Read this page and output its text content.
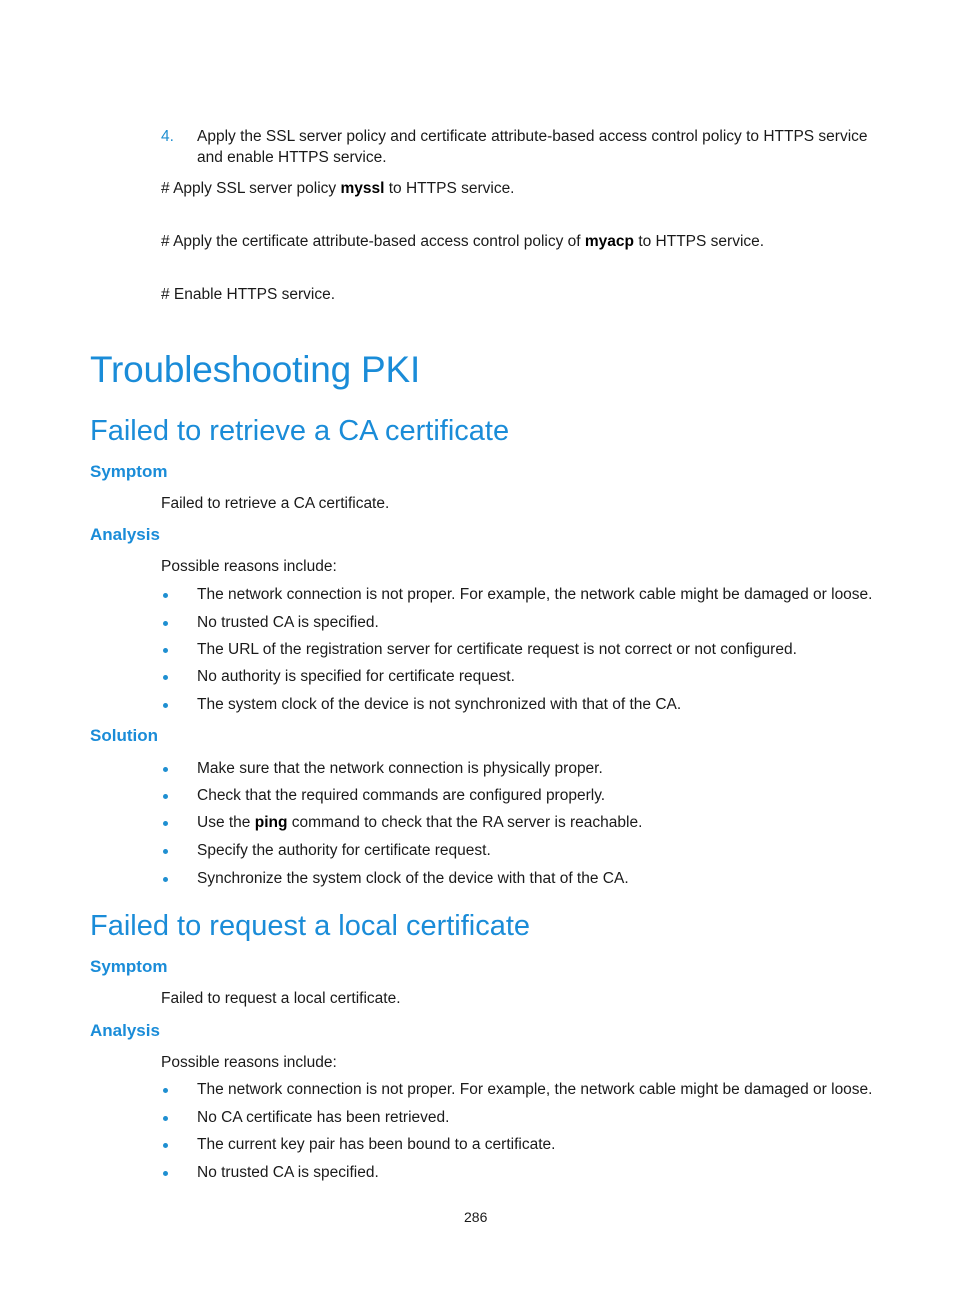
4. Apply the SSL server policy and certificate attribute-based access control policy to HTTPS service
and enable HTTPS service.
# Apply SSL server policy myssl to HTTPS service.
# Apply the certificate attribute-based access control policy of myacp to HTTPS service.
# Enable HTTPS service.
Troubleshooting PKI
Failed to retrieve a CA certificate
Symptom
Failed to retrieve a CA certificate.
Analysis
Possible reasons include:
The network connection is not proper. For example, the network cable might be damaged or loose.
No trusted CA is specified.
The URL of the registration server for certificate request is not correct or not configured.
No authority is specified for certificate request.
The system clock of the device is not synchronized with that of the CA.
Solution
Make sure that the network connection is physically proper.
Check that the required commands are configured properly.
Use the ping command to check that the RA server is reachable.
Specify the authority for certificate request.
Synchronize the system clock of the device with that of the CA.
Failed to request a local certificate
Symptom
Failed to request a local certificate.
Analysis
Possible reasons include:
The network connection is not proper. For example, the network cable might be damaged or loose.
No CA certificate has been retrieved.
The current key pair has been bound to a certificate.
No trusted CA is specified.
286
